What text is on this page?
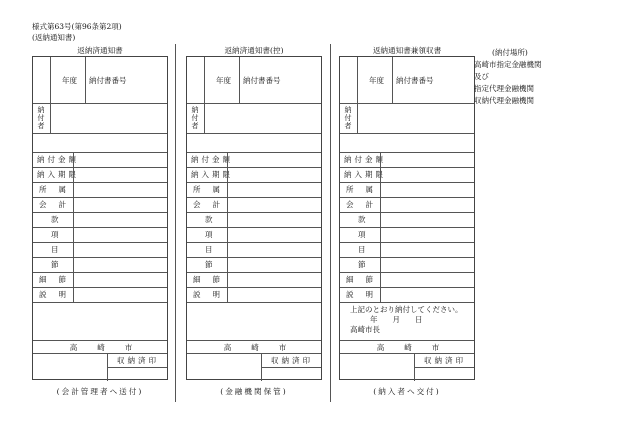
様式第63号(第96条第2項)
(返納通知書)
返納済通知書
年度 納付書番号
納付者
納付金額
納入期限
所属
会計
款
項
目
節
細節
説明
高崎市
収納済印
(会計管理者へ送付)
返納済通知書(控)
年度 納付書番号
納付者
納付金額
納入期限
所属
会計
款
項
目
節
細節
説明
高崎市
収納済印
(金融機関保管)
返納通知書兼領収書
年度 納付書番号
納付者
納付金額
納入期限
所属
会計
款
項
目
節
細節
説明
上記のとおり納付してください。
年　　月　　日
高崎市長
高崎市
収納済印
(納入者へ交付)
(納付場所)
高崎市指定金融機関
及び
指定代理金融機関
収納代理金融機関
